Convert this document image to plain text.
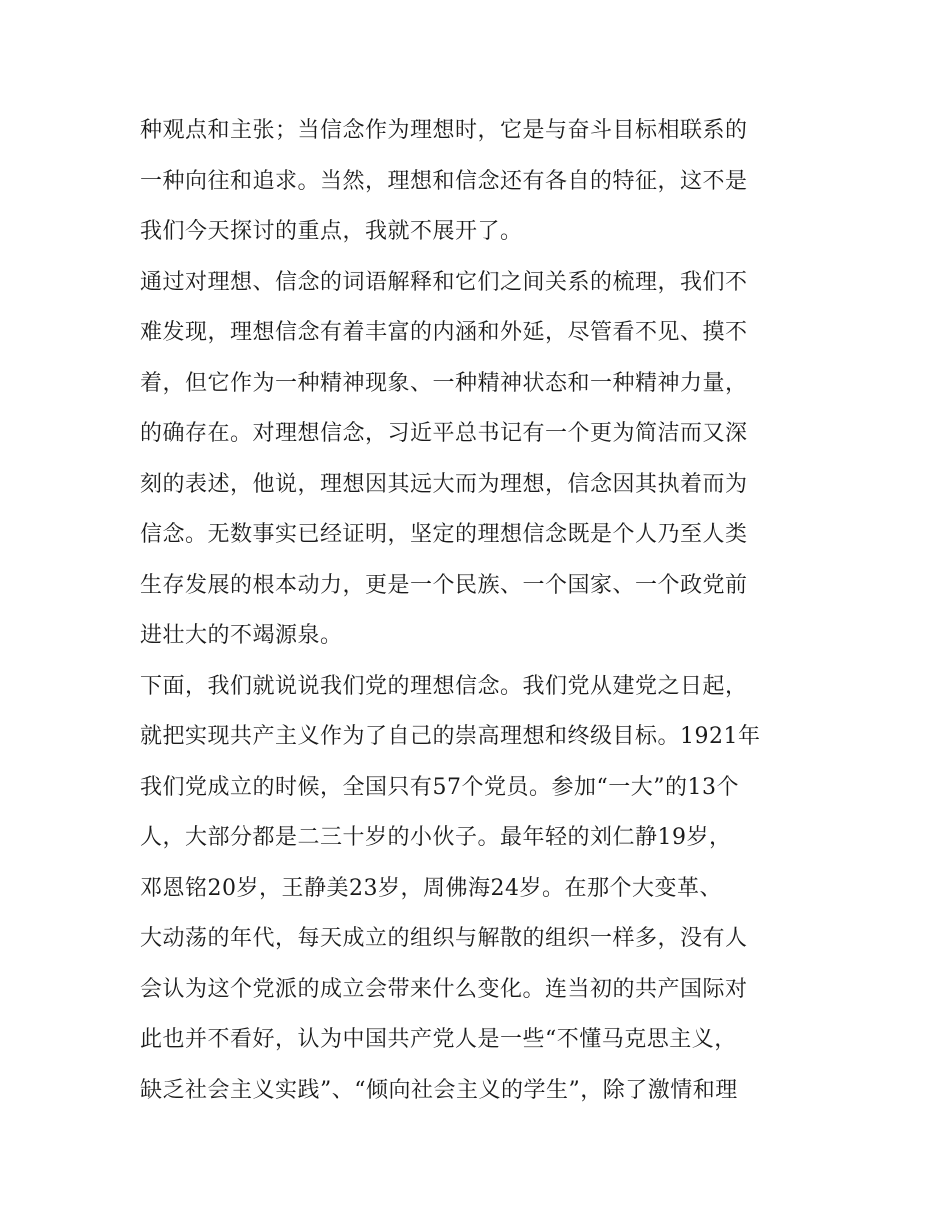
种观点和主张；当信念作为理想时，它是与奋斗目标相联系的
一种向往和追求。当然，理想和信念还有各自的特征，这不是
我们今天探讨的重点，我就不展开了。
通过对理想、信念的词语解释和它们之间关系的梳理，我们不
难发现，理想信念有着丰富的内涵和外延，尽管看不见、摸不
着，但它作为一种精神现象、一种精神状态和一种精神力量，
的确存在。对理想信念，习近平总书记有一个更为简洁而又深
刻的表述，他说，理想因其远大而为理想，信念因其执着而为
信念。无数事实已经证明，坚定的理想信念既是个人乃至人类
生存发展的根本动力，更是一个民族、一个国家、一个政党前
进壮大的不竭源泉。
下面，我们就说说我们党的理想信念。我们党从建党之日起，
就把实现共产主义作为了自己的崇高理想和终级目标。1921年
我们党成立的时候，全国只有57个党员。参加“一大”的13个
人，大部分都是二三十岁的小伙子。最年轻的刘仁静19岁，
邓恩铭20岁，王静美23岁，周佛海24岁。在那个大变革、
大动荡的年代，每天成立的组织与解散的组织一样多，没有人
会认为这个党派的成立会带来什么变化。连当初的共产国际对
此也并不看好，认为中国共产党人是一些“不懂马克思主义，
缺乏社会主义实践”、“倾向社会主义的学生”，除了激情和理
